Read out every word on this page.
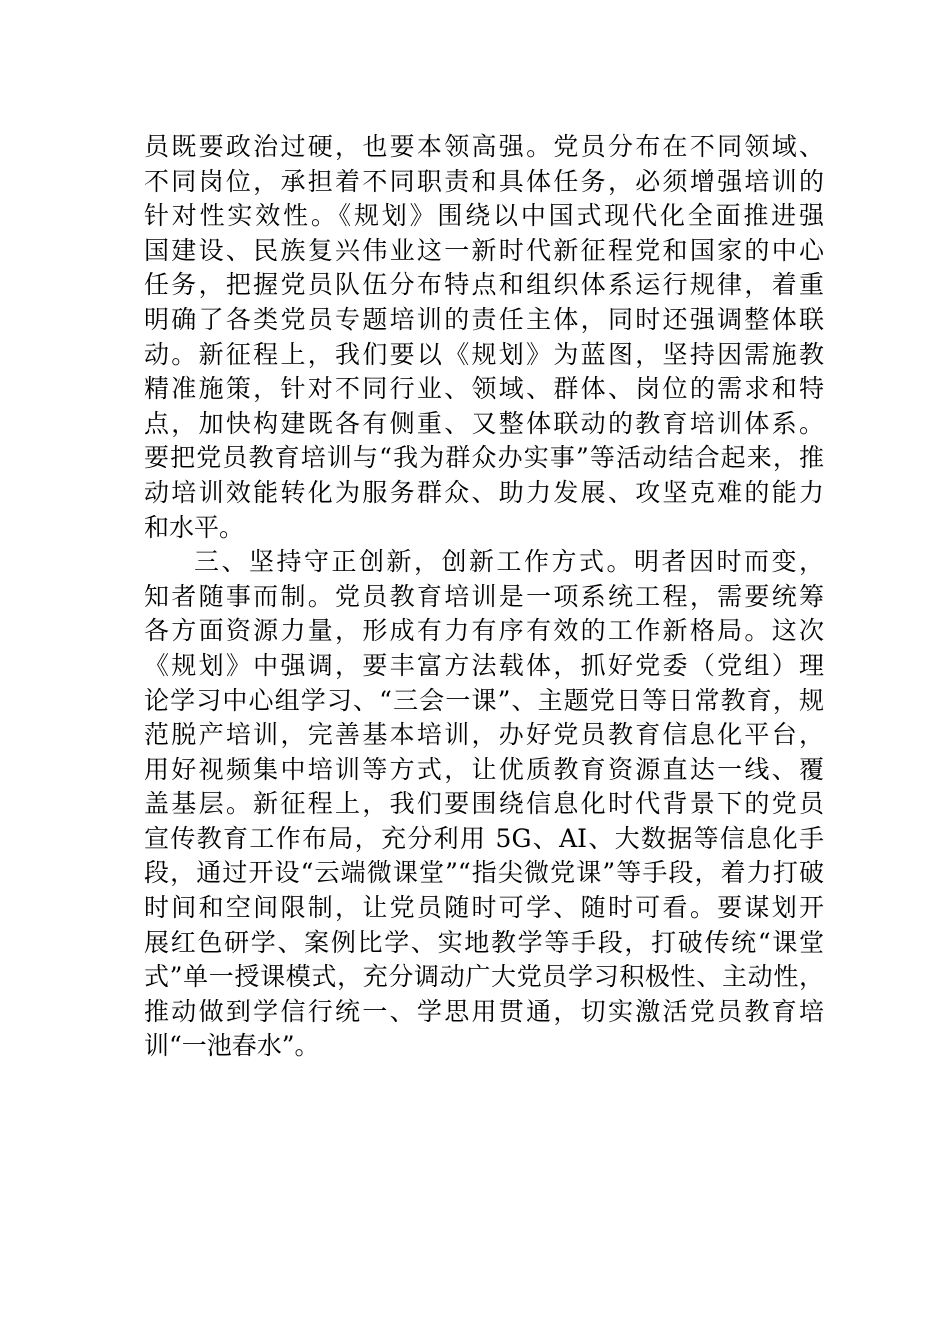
员既要政治过硬，也要本领高强。党员分布在不同领域、
不同岗位，承担着不同职责和具体任务，必须增强培训的
针对性实效性。《规划》围绕以中国式现代化全面推进强
国建设、民族复兴伟业这一新时代新征程党和国家的中心
任务，把握党员队伍分布特点和组织体系运行规律，着重
明确了各类党员专题培训的责任主体，同时还强调整体联
动。新征程上，我们要以《规划》为蓝图，坚持因需施教
精准施策，针对不同行业、领域、群体、岗位的需求和特
点，加快构建既各有侧重、又整体联动的教育培训体系。
要把党员教育培训与“我为群众办实事”等活动结合起来，推
动培训效能转化为服务群众、助力发展、攻坚克难的能力
和水平。
三、坚持守正创新，创新工作方式。明者因时而变，
知者随事而制。党员教育培训是一项系统工程，需要统筹
各方面资源力量，形成有力有序有效的工作新格局。这次
《规划》中强调，要丰富方法载体，抓好党委（党组）理
论学习中心组学习、“三会一课”、主题党日等日常教育，规
范脱产培训，完善基本培训，办好党员教育信息化平台，
用好视频集中培训等方式，让优质教育资源直达一线、覆
盖基层。新征程上，我们要围绕信息化时代背景下的党员
宣传教育工作布局，充分利用 5G、AI、大数据等信息化手
段，通过开设“云端微课堂”“指尖微党课”等手段，着力打破
时间和空间限制，让党员随时可学、随时可看。要谋划开
展红色研学、案例比学、实地教学等手段，打破传统“课堂
式”单一授课模式，充分调动广大党员学习积极性、主动性，
推动做到学信行统一、学思用贯通，切实激活党员教育培
训“一池春水”。
